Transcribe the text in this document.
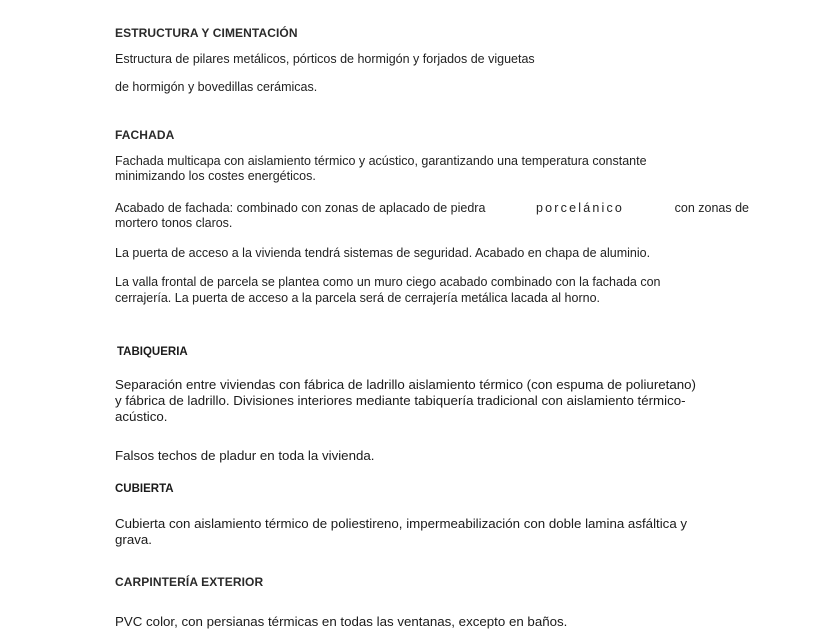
ESTRUCTURA Y CIMENTACIÓN
Estructura de pilares metálicos, pórticos de hormigón y forjados de viguetas
de hormigón y bovedillas cerámicas.
FACHADA
Fachada multicapa con aislamiento térmico y acústico, garantizando una temperatura constante
minimizando los costes energéticos.
Acabado de fachada: combinado con zonas de aplacado de piedra	porcelánico	con zonas de
mortero tonos claros.
La puerta de acceso a la vivienda tendrá sistemas de seguridad. Acabado en chapa de aluminio.
La valla frontal de parcela se plantea como un muro ciego acabado combinado con la fachada con
cerrajería. La puerta de acceso a la parcela será de cerrajería metálica lacada al horno.
TABIQUERIA
Separación entre viviendas con fábrica de ladrillo aislamiento térmico (con espuma de poliuretano)
y fábrica de ladrillo. Divisiones interiores mediante tabiquería tradicional con aislamiento térmico-
acústico.
Falsos techos de pladur en toda la vivienda.
CUBIERTA
Cubierta con aislamiento térmico de poliestireno, impermeabilización con doble lamina asfáltica y
grava.
CARPINTERÍA EXTERIOR
PVC color, con persianas térmicas en todas las ventanas, excepto en baños.
